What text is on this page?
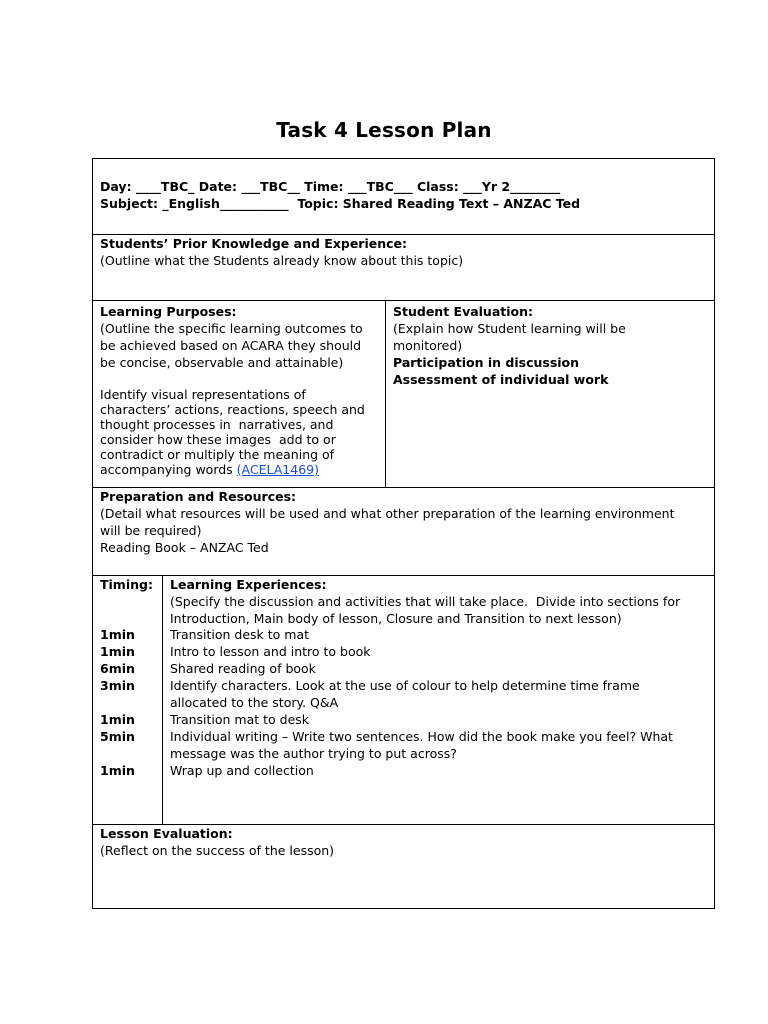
Task 4 Lesson Plan
Day: ____TBC_ Date: ___TBC__ Time: ___TBC___ Class: ___Yr 2________
Subject: _English___________  Topic: Shared Reading Text – ANZAC Ted
Students’ Prior Knowledge and Experience:
(Outline what the Students already know about this topic)
Learning Purposes:
(Outline the specific learning outcomes to
be achieved based on ACARA they should
be concise, observable and attainable)
Identify visual representations of
characters’ actions, reactions, speech and
thought processes in  narratives, and
consider how these images  add to or
contradict or multiply the meaning of
accompanying words (ACELA1469)
Student Evaluation:
(Explain how Student learning will be
monitored)
Participation in discussion
Assessment of individual work
Preparation and Resources:
(Detail what resources will be used and what other preparation of the learning environment
will be required)
Reading Book – ANZAC Ted
Timing:	Learning Experiences:
(Specify the discussion and activities that will take place.  Divide into sections for
Introduction, Main body of lesson, Closure and Transition to next lesson)
1min	Transition desk to mat
1min	Intro to lesson and intro to book
6min	Shared reading of book
3min	Identify characters. Look at the use of colour to help determine time frame
allocated to the story. Q&A
1min	Transition mat to desk
5min	Individual writing – Write two sentences. How did the book make you feel? What
message was the author trying to put across?
1min	Wrap up and collection
Lesson Evaluation:
(Reflect on the success of the lesson)
